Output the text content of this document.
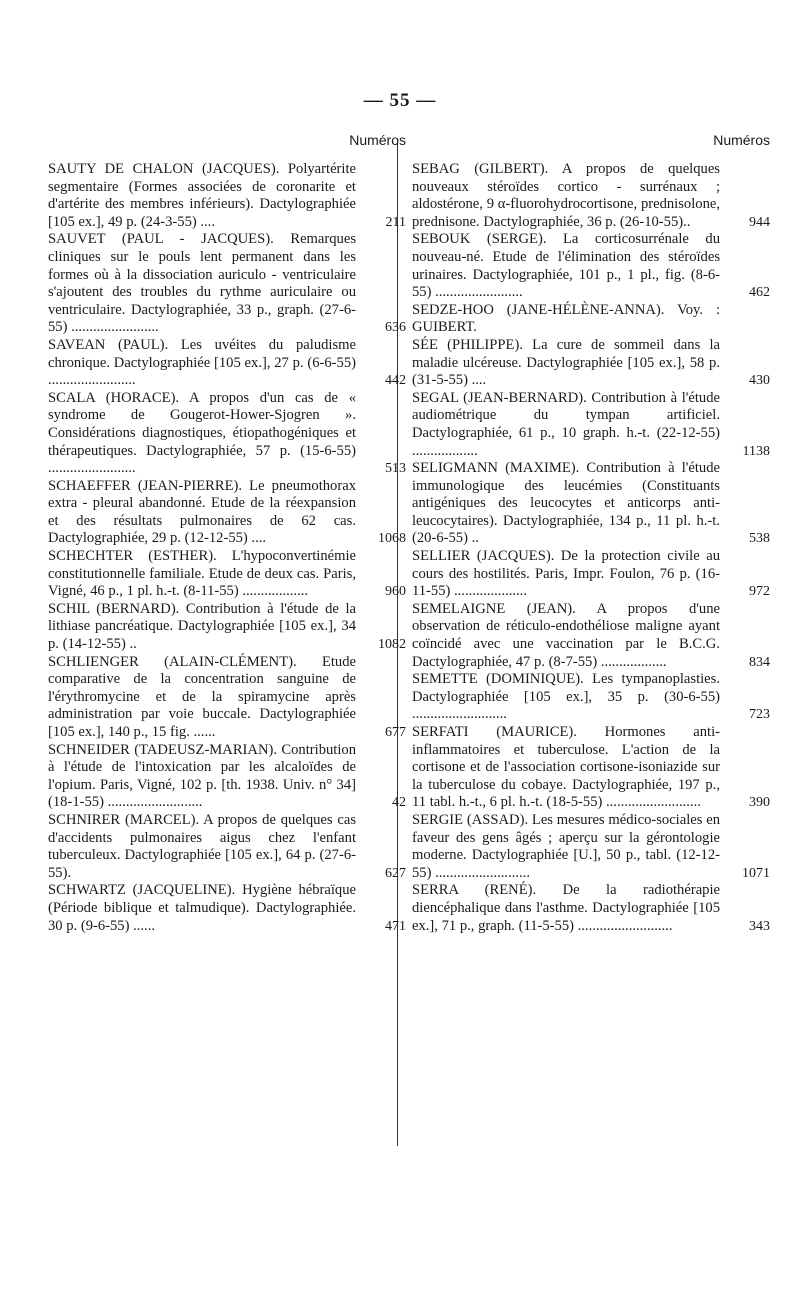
— 55 —
Numéros
SAUTY DE CHALON (JACQUES). Polyartérite segmentaire (Formes associées de coronarite et d'artérite des membres inférieurs). Dactylographiée [105 ex.], 49 p. (24-3-55) ....	211
SAUVET (PAUL - JACQUES). Remarques cliniques sur le pouls lent permanent dans les formes où à la dissociation auriculo - ventriculaire s'ajoutent des troubles du rythme auriculaire ou ventriculaire. Dactylographiée, 33 p., graph. (27-6-55) ........................	636
SAVEAN (PAUL). Les uvéites du paludisme chronique. Dactylographiée [105 ex.], 27 p. (6-6-55) ........................	442
SCALA (HORACE). A propos d'un cas de « syndrome de Gougerot-Hower-Sjogren ». Considérations diagnostiques, étiopathogéniques et thérapeutiques. Dactylographiée, 57 p. (15-6-55) ........................	513
SCHAEFFER (JEAN-PIERRE). Le pneumothorax extra - pleural abandonné. Etude de la réexpansion et des résultats pulmonaires de 62 cas. Dactylographiée, 29 p. (12-12-55) ....	1068
SCHECHTER (ESTHER). L'hypoconvertinémie constitutionnelle familiale. Etude de deux cas. Paris, Vigné, 46 p., 1 pl. h.-t. (8-11-55) ..................	960
SCHIL (BERNARD). Contribution à l'étude de la lithiase pancréatique. Dactylographiée [105 ex.], 34 p. (14-12-55) ..	1082
SCHLIENGER (ALAIN-CLÉMENT). Etude comparative de la concentration sanguine de l'érythromycine et de la spiramycine après administration par voie buccale. Dactylographiée [105 ex.], 140 p., 15 fig. ......	677
SCHNEIDER (TADEUSZ-MARIAN). Contribution à l'étude de l'intoxication par les alcaloïdes de l'opium. Paris, Vigné, 102 p. [th. 1938. Univ. n° 34] (18-1-55) ..........................	42
SCHNIRER (MARCEL). A propos de quelques cas d'accidents pulmonaires aigus chez l'enfant tuberculeux. Dactylographiée [105 ex.], 64 p. (27-6-55).	627
SCHWARTZ (JACQUELINE). Hygiène hébraïque (Période biblique et talmudique). Dactylographiée. 30 p. (9-6-55) ......	471
Numéros
SEBAG (GILBERT). A propos de quelques nouveaux stéroïdes cortico - surrénaux ; aldostérone, 9 α-fluorohydrocortisone, prednisolone, prednisone. Dactylographiée, 36 p. (26-10-55)..	944
SEBOUK (SERGE). La corticosurrénale du nouveau-né. Etude de l'élimination des stéroïdes urinaires. Dactylographiée, 101 p., 1 pl., fig. (8-6-55) ........................	462
SEDZE-HOO (JANE-HÉLÈNE-ANNA). Voy. : GUIBERT.
SÉE (PHILIPPE). La cure de sommeil dans la maladie ulcéreuse. Dactylographiée [105 ex.], 58 p. (31-5-55) ....	430
SEGAL (JEAN-BERNARD). Contribution à l'étude audiométrique du tympan artificiel. Dactylographiée, 61 p., 10 graph. h.-t. (22-12-55) ..................	1138
SELIGMANN (MAXIME). Contribution à l'étude immunologique des leucémies (Constituants antigéniques des leucocytes et anticorps anti-leucocytaires). Dactylographiée, 134 p., 11 pl. h.-t. (20-6-55) ..	538
SELLIER (JACQUES). De la protection civile au cours des hostilités. Paris, Impr. Foulon, 76 p. (16-11-55) ....................	972
SEMELAIGNE (JEAN). A propos d'une observation de réticulo-endothéliose maligne ayant coïncidé avec une vaccination par le B.C.G. Dactylographiée, 47 p. (8-7-55) ..................	834
SEMETTE (DOMINIQUE). Les tympanoplasties. Dactylographiée [105 ex.], 35 p. (30-6-55) ..........................	723
SERFATI (MAURICE). Hormones anti-inflammatoires et tuberculose. L'action de la cortisone et de l'association cortisone-isoniazide sur la tuberculose du cobaye. Dactylographiée, 197 p., 11 tabl. h.-t., 6 pl. h.-t. (18-5-55) ..........................	390
SERGIE (ASSAD). Les mesures médico-sociales en faveur des gens âgés ; aperçu sur la gérontologie moderne. Dactylographiée [U.], 50 p., tabl. (12-12-55) ..........................	1071
SERRA (RENÉ). De la radiothérapie diencéphalique dans l'asthme. Dactylographiée [105 ex.], 71 p., graph. (11-5-55) ..........................	343
